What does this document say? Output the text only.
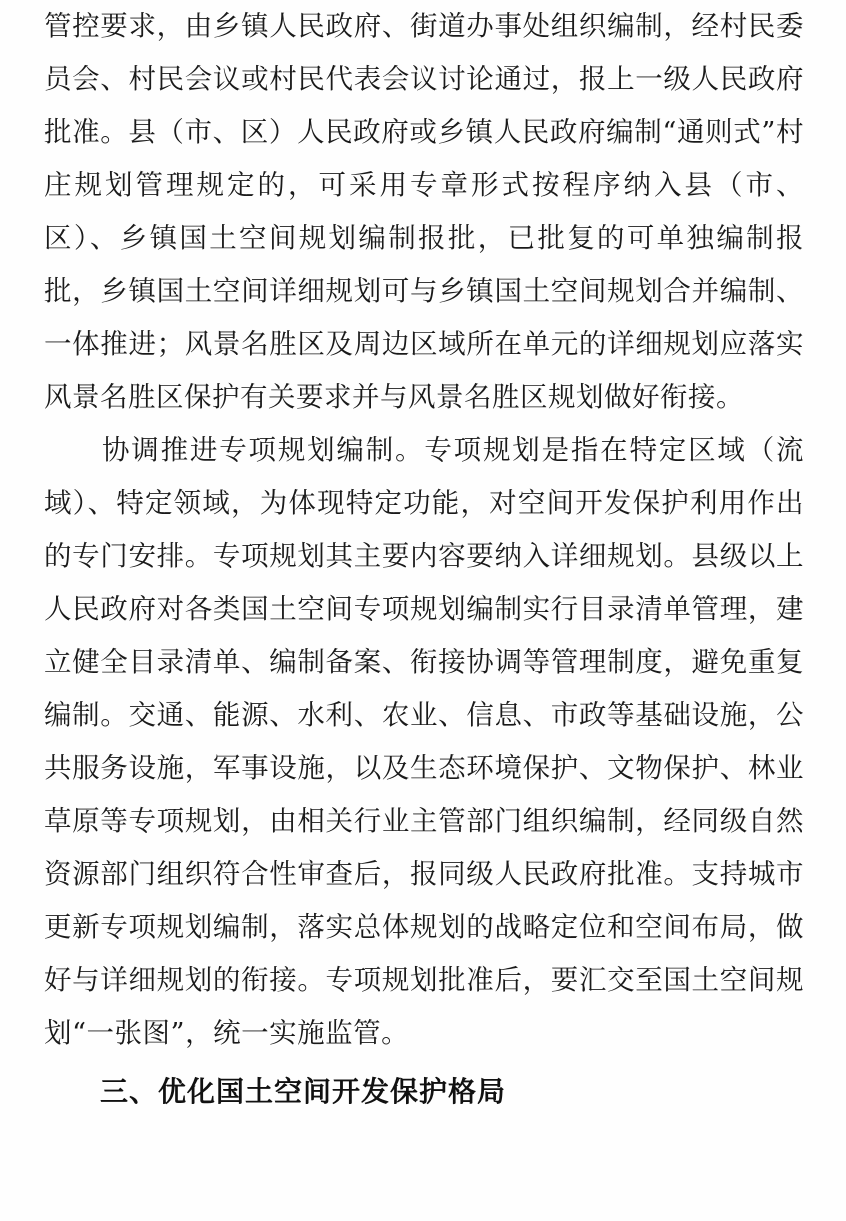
管控要求，由乡镇人民政府、街道办事处组织编制，经村民委员会、村民会议或村民代表会议讨论通过，报上一级人民政府批准。县（市、区）人民政府或乡镇人民政府编制“通则式”村庄规划管理规定的，可采用专章形式按程序纳入县（市、区）、乡镇国土空间规划编制报批，已批复的可单独编制报批，乡镇国土空间详细规划可与乡镇国土空间规划合并编制、一体推进；风景名胜区及周边区域所在单元的详细规划应落实风景名胜区保护有关要求并与风景名胜区规划做好衔接。

协调推进专项规划编制。专项规划是指在特定区域（流域）、特定领域，为体现特定功能，对空间开发保护利用作出的专门安排。专项规划其主要内容要纳入详细规划。县级以上人民政府对各类国土空间专项规划编制实行目录清单管理，建立健全目录清单、编制备案、衔接协调等管理制度，避免重复编制。交通、能源、水利、农业、信息、市政等基础设施，公共服务设施，军事设施，以及生态环境保护、文物保护、林业草原等专项规划，由相关行业主管部门组织编制，经同级自然资源部门组织符合性审查后，报同级人民政府批准。支持城市更新专项规划编制，落实总体规划的战略定位和空间布局，做好与详细规划的衔接。专项规划批准后，要汇交至国土空间规划“一张图”，统一实施监管。

三、优化国土空间开发保护格局
